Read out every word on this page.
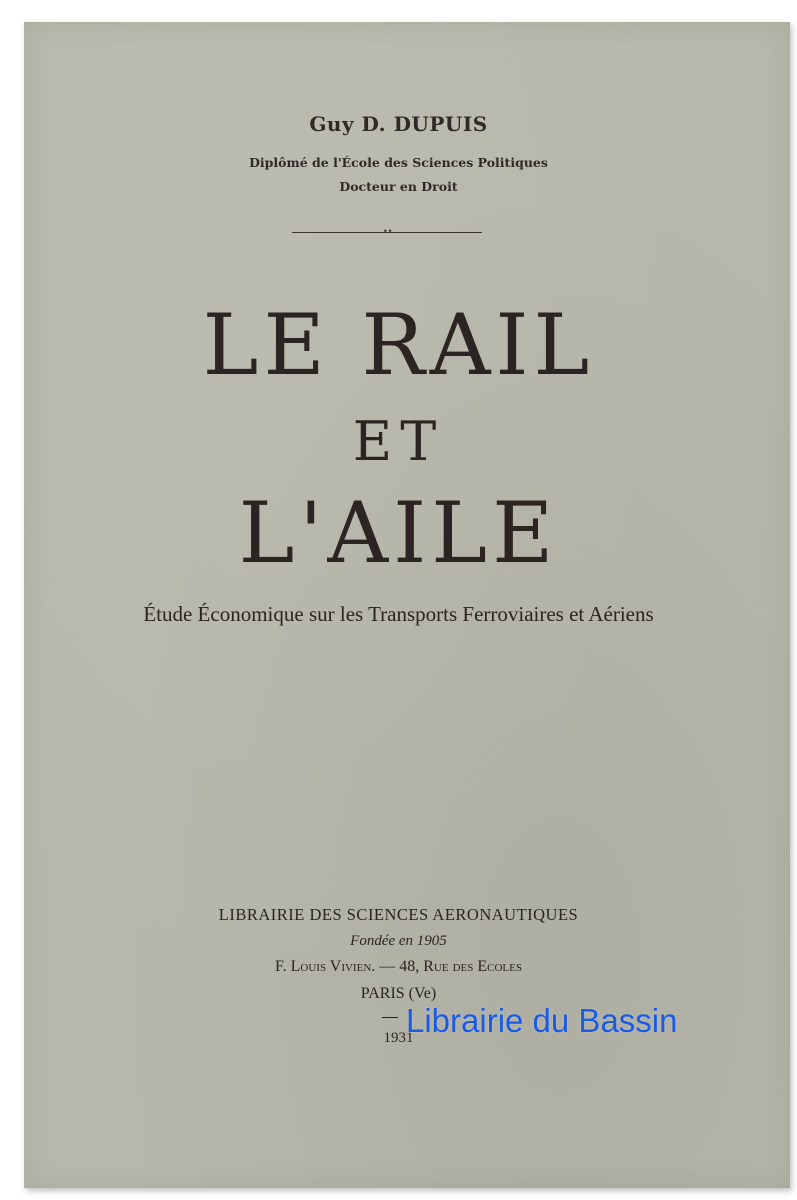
Guy D. DUPUIS
Diplômé de l'École des Sciences Politiques
Docteur en Droit
••
LE RAIL
ET
L'AILE
Étude Économique sur les Transports Ferroviaires et Aériens
LIBRAIRIE DES SCIENCES AERONAUTIQUES
Fondée en 1905
F. Louis Vivien. — 48, Rue des Ecoles
PARIS (Ve)
1931
Librairie du Bassin
